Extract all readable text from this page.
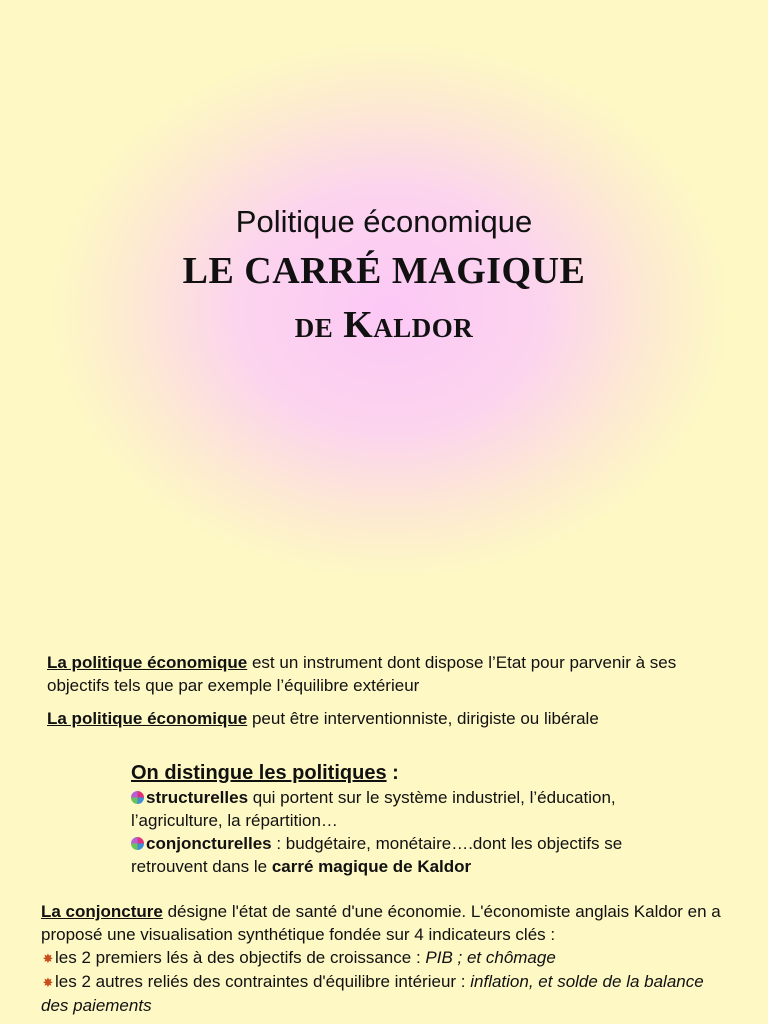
Politique économique
LE CARRÉ MAGIQUE
de Kaldor
La politique économique est un instrument dont dispose l’Etat pour parvenir à ses objectifs tels que par exemple l’équilibre extérieur
La politique économique peut être interventionniste, dirigiste ou libérale
On distingue les politiques :
structurelles qui portent sur le système industriel, l’éducation, l’agriculture, la répartition…
conjoncturelles : budgétaire, monétaire….dont les objectifs se retrouvent dans le carré magique de Kaldor
La conjoncture désigne l'état de santé d'une économie. L'économiste anglais Kaldor en a proposé une visualisation synthétique fondée sur 4 indicateurs clés :
✸les 2 premiers lés à des objectifs de croissance : PIB ; et chômage
✸les 2 autres reliés des contraintes d'équilibre intérieur : inflation, et solde de la balance des paiements
